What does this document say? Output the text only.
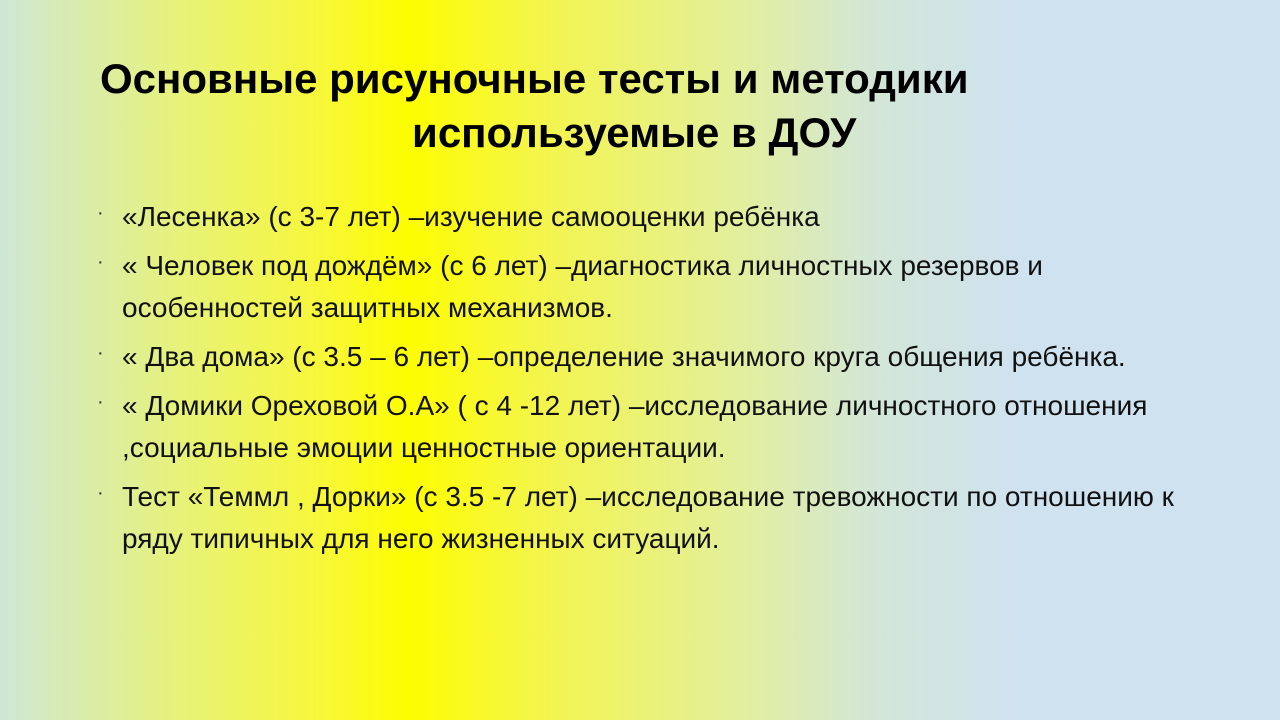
Основные рисуночные тесты и методики
используемые в ДОУ
· «Лесенка» (с 3-7 лет) –изучение самооценки ребёнка
· « Человек под дождём» (с 6 лет) –диагностика личностных резервов и особенностей защитных механизмов.
· « Два дома» (с 3.5 – 6 лет) –определение значимого круга общения ребёнка.
· « Домики Ореховой О.А» ( с 4 -12 лет) –исследование личностного отношения ,социальные эмоции ценностные ориентации.
· Тест «Теммл , Дорки» (с 3.5 -7 лет) –исследование тревожности по отношению к ряду типичных для него жизненных ситуаций.
